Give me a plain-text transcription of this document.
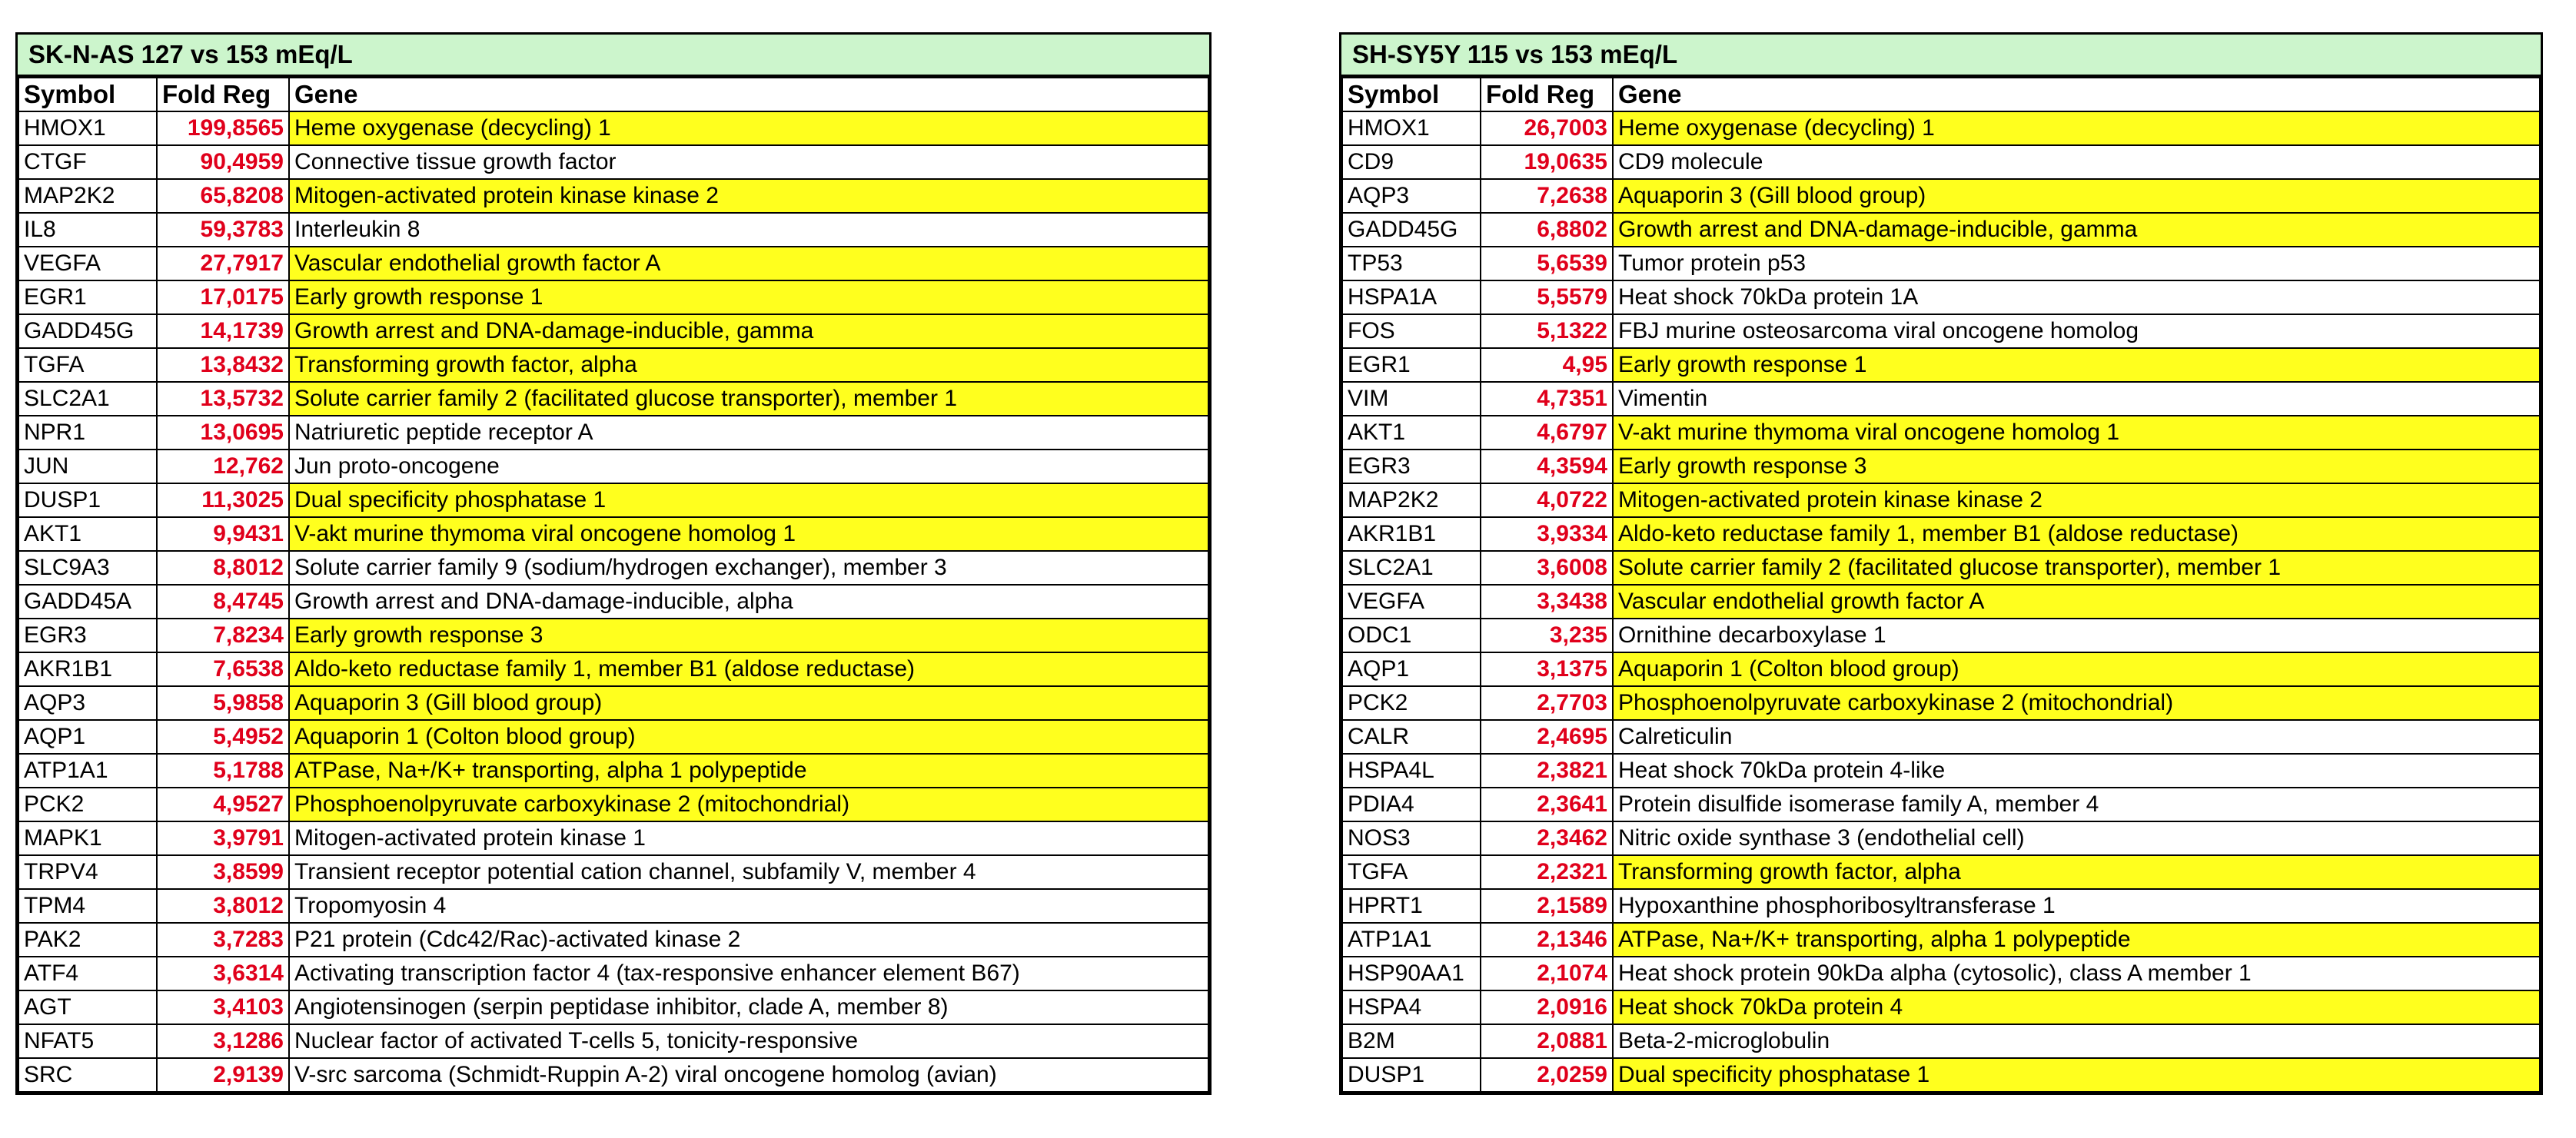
SK-N-AS 127 vs 153 mEq/L
Symbol	Fold Reg	Gene
HMOX1	199,8565	Heme oxygenase (decycling) 1
CTGF	90,4959	Connective tissue growth factor
MAP2K2	65,8208	Mitogen-activated protein kinase kinase 2
IL8	59,3783	Interleukin 8
VEGFA	27,7917	Vascular endothelial growth factor A
EGR1	17,0175	Early growth response 1
GADD45G	14,1739	Growth arrest and DNA-damage-inducible, gamma
TGFA	13,8432	Transforming growth factor, alpha
SLC2A1	13,5732	Solute carrier family 2 (facilitated glucose transporter), member 1
NPR1	13,0695	Natriuretic peptide receptor A
JUN	12,762	Jun proto-oncogene
DUSP1	11,3025	Dual specificity phosphatase 1
AKT1	9,9431	V-akt murine thymoma viral oncogene homolog 1
SLC9A3	8,8012	Solute carrier family 9 (sodium/hydrogen exchanger), member 3
GADD45A	8,4745	Growth arrest and DNA-damage-inducible, alpha
EGR3	7,8234	Early growth response 3
AKR1B1	7,6538	Aldo-keto reductase family 1, member B1 (aldose reductase)
AQP3	5,9858	Aquaporin 3 (Gill blood group)
AQP1	5,4952	Aquaporin 1 (Colton blood group)
ATP1A1	5,1788	ATPase, Na+/K+ transporting, alpha 1 polypeptide
PCK2	4,9527	Phosphoenolpyruvate carboxykinase 2 (mitochondrial)
MAPK1	3,9791	Mitogen-activated protein kinase 1
TRPV4	3,8599	Transient receptor potential cation channel, subfamily V, member 4
TPM4	3,8012	Tropomyosin 4
PAK2	3,7283	P21 protein (Cdc42/Rac)-activated kinase 2
ATF4	3,6314	Activating transcription factor 4 (tax-responsive enhancer element B67)
AGT	3,4103	Angiotensinogen (serpin peptidase inhibitor, clade A, member 8)
NFAT5	3,1286	Nuclear factor of activated T-cells 5, tonicity-responsive
SRC	2,9139	V-src sarcoma (Schmidt-Ruppin A-2) viral oncogene homolog (avian)
SH-SY5Y 115 vs 153 mEq/L
Symbol	Fold Reg	Gene
HMOX1	26,7003	Heme oxygenase (decycling) 1
CD9	19,0635	CD9 molecule
AQP3	7,2638	Aquaporin 3 (Gill blood group)
GADD45G	6,8802	Growth arrest and DNA-damage-inducible, gamma
TP53	5,6539	Tumor protein p53
HSPA1A	5,5579	Heat shock 70kDa protein 1A
FOS	5,1322	FBJ murine osteosarcoma viral oncogene homolog
EGR1	4,95	Early growth response 1
VIM	4,7351	Vimentin
AKT1	4,6797	V-akt murine thymoma viral oncogene homolog 1
EGR3	4,3594	Early growth response 3
MAP2K2	4,0722	Mitogen-activated protein kinase kinase 2
AKR1B1	3,9334	Aldo-keto reductase family 1, member B1 (aldose reductase)
SLC2A1	3,6008	Solute carrier family 2 (facilitated glucose transporter), member 1
VEGFA	3,3438	Vascular endothelial growth factor A
ODC1	3,235	Ornithine decarboxylase 1
AQP1	3,1375	Aquaporin 1 (Colton blood group)
PCK2	2,7703	Phosphoenolpyruvate carboxykinase 2 (mitochondrial)
CALR	2,4695	Calreticulin
HSPA4L	2,3821	Heat shock 70kDa protein 4-like
PDIA4	2,3641	Protein disulfide isomerase family A, member 4
NOS3	2,3462	Nitric oxide synthase 3 (endothelial cell)
TGFA	2,2321	Transforming growth factor, alpha
HPRT1	2,1589	Hypoxanthine phosphoribosyltransferase 1
ATP1A1	2,1346	ATPase, Na+/K+ transporting, alpha 1 polypeptide
HSP90AA1	2,1074	Heat shock protein 90kDa alpha (cytosolic), class A member 1
HSPA4	2,0916	Heat shock 70kDa protein 4
B2M	2,0881	Beta-2-microglobulin
DUSP1	2,0259	Dual specificity phosphatase 1
